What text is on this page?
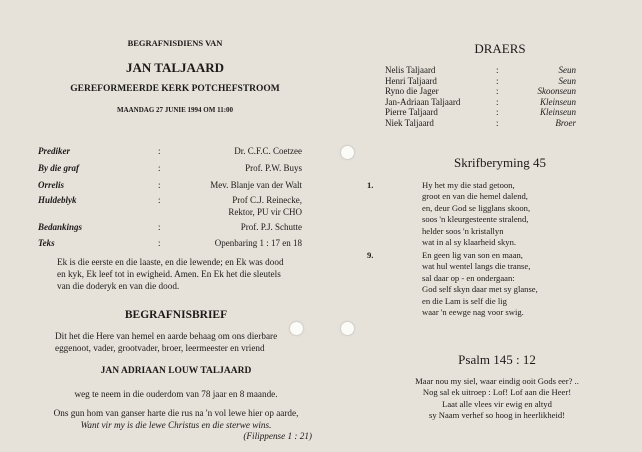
BEGRAFNISDIENS VAN
JAN TALJAARD
GEREFORMEERDE KERK POTCHEFSTROOM
MAANDAG 27 JUNIE 1994 OM 11:00
Prediker	:	Dr. C.F.C. Coetzee
By die graf	:	Prof. P.W. Buys
Orrelis	:	Mev. Blanje van der Walt
Huldeblyk	:	Prof C.J. Reinecke,
Rektor, PU vir CHO
Bedankings	:	Prof. P.J. Schutte
Teks	:	Openbaring 1 : 17 en 18
Ek is die eerste en die laaste, en die lewende; en Ek was dood
en kyk, Ek leef tot in ewigheid. Amen. En Ek het die sleutels
van die doderyk en van die dood.
BEGRAFNISBRIEF
Dit het die Here van hemel en aarde behaag om ons dierbare
eggenoot, vader, grootvader, broer, leermeester en vriend
JAN ADRIAAN LOUW TALJAARD
weg te neem in die ouderdom van 78 jaar en 8 maande.
Ons gun hom van ganser harte die rus na 'n vol lewe hier op aarde,
Want vir my is die lewe Christus en die sterwe wins.
(Filippense 1 : 21)
DRAERS
Nelis Taljaard	:	Seun
Henri Taljaard	:	Seun
Ryno die Jager	:	Skoonseun
Jan-Adriaan Taljaard	:	Kleinseun
Pierre Taljaard	:	Kleinseun
Niek Taljaard	:	Broer
Skrifberyming 45
1.	Hy het my die stad getoon,
groot en van die hemel dalend,
en, deur God se ligglans skoon,
soos 'n kleurgesteente stralend,
helder soos 'n kristallyn
wat in al sy klaarheid skyn.
9.	En geen lig van son en maan,
wat hul wentel langs die transe,
sal daar op - en ondergaan:
God self skyn daar met sy glanse,
en die Lam is self die lig
waar 'n eewge nag voor swig.
Psalm 145 : 12
Maar nou my siel, waar eindig ooit Gods eer? ..
Nog sal ek uitroep : Lof! Lof aan die Heer!
Laat alle vlees vir ewig en altyd
sy Naam verhef so hoog in heerlikheid!
